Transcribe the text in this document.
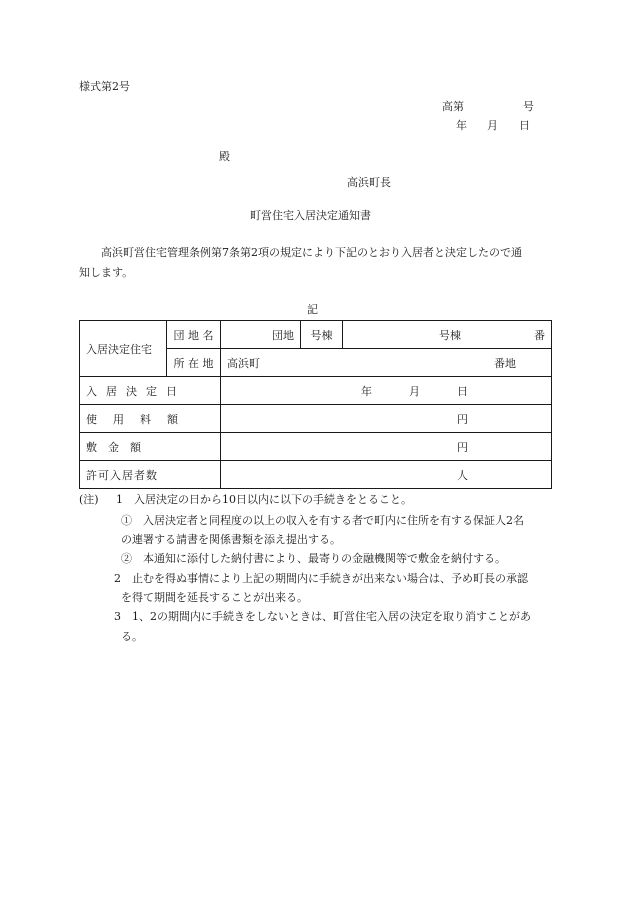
様式第2号
高第	号
年 月 日
殿
高浜町長
町営住宅入居決定通知書
高浜町営住宅管理条例第7条第2項の規定により下記のとおり入居者と決定したので通
知します。
記
入居決定住宅	団 地 名	団地	号棟	号棟 番

	所 在 地	高浜町 番地		

入居決定日		年 月 日		

使用料額		円		

敷　金　額		円		

許可入居者数		人		
(注) 1　入居決定の日から10日以内に以下の手続きをとること。
①　入居決定者と同程度の以上の収入を有する者で町内に住所を有する保証人2名
の連署する請書を関係書類を添え提出する。
②　本通知に添付した納付書により、最寄りの金融機関等で敷金を納付する。
2　止むを得ぬ事情により上記の期間内に手続きが出来ない場合は、予め町長の承認
を得て期間を延長することが出来る。
3　1、2の期間内に手続きをしないときは、町営住宅入居の決定を取り消すことがあ
る。
